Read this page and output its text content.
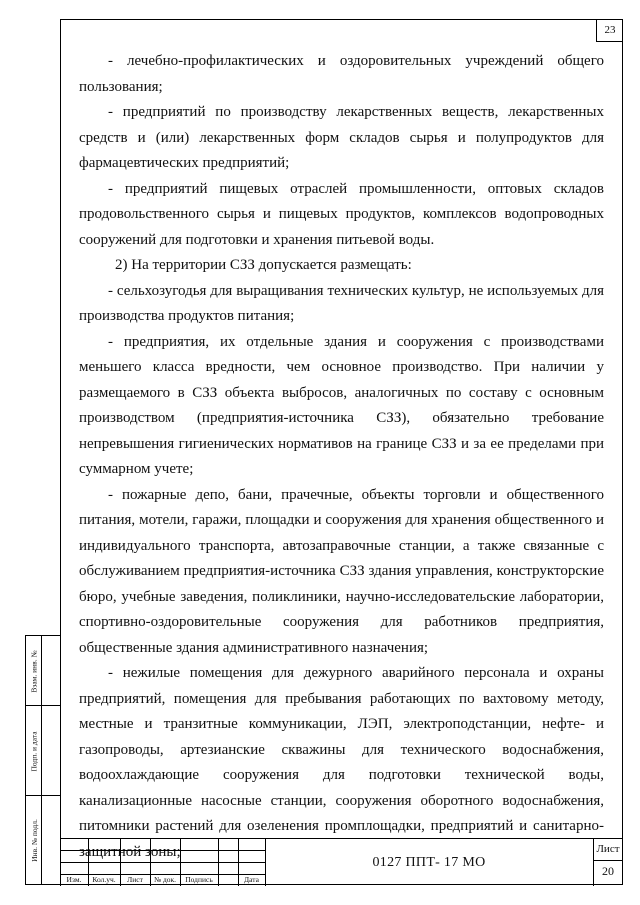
23

- лечебно-профилактических и оздоровительных учреждений общего пользования;

- предприятий по производству лекарственных веществ, лекарственных средств и (или) лекарственных форм складов сырья и полупродуктов для фармацевтических предприятий;

- предприятий пищевых отраслей промышленности, оптовых складов продовольственного сырья и пищевых продуктов, комплексов водопроводных сооружений для подготовки и хранения питьевой воды.

2) На территории СЗЗ допускается размещать:

- сельхозугодья для выращивания технических культур, не используемых для производства продуктов питания;

- предприятия, их отдельные здания и сооружения с производствами меньшего класса вредности, чем основное производство. При наличии у размещаемого в СЗЗ объекта выбросов, аналогичных по составу с основным производством (предприятия-источника СЗЗ), обязательно требование непревышения гигиенических нормативов на границе СЗЗ и за ее пределами при суммарном учете;

- пожарные депо, бани, прачечные, объекты торговли и общественного питания, мотели, гаражи, площадки и сооружения для хранения общественного и индивидуального транспорта, автозаправочные станции, а также связанные с обслуживанием предприятия-источника СЗЗ здания управления, конструкторские бюро, учебные заведения, поликлиники, научно-исследовательские лаборатории, спортивно-оздоровительные сооружения для работников предприятия, общественные здания административного назначения;

- нежилые помещения для дежурного аварийного персонала и охраны предприятий, помещения для пребывания работающих по вахтовому методу, местные и транзитные коммуникации, ЛЭП, электроподстанции, нефте- и газопроводы, артезианские скважины для технического водоснабжения, водоохлаждающие сооружения для подготовки технической воды, канализационные насосные станции, сооружения оборотного водоснабжения, питомники растений для озеленения промплощадки, предприятий и санитарно-защитной зоны;

Взам. инв. №
Подп. и дата
Инв. № подл.
Изм.	Кол.уч.	Лист	№ док.	Подпись	Дата
0127 ППТ- 17 МО
Лист
20
